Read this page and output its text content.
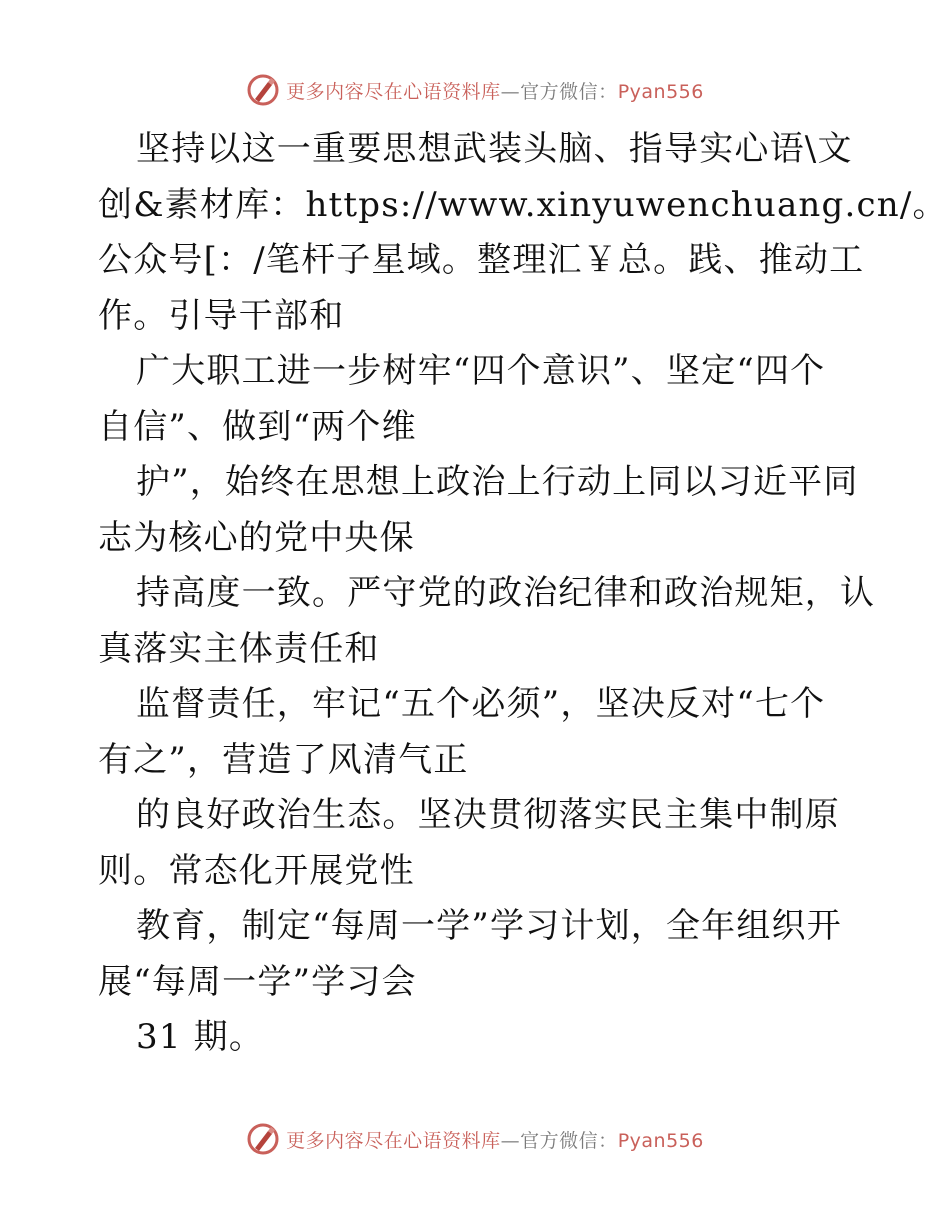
更多内容尽在心语资料库—官方微信：Pyan556
坚持以这一重要思想武装头脑、指导实心语\文
创&素材库：https://www.xinyuwenchuang.cn/。
公众号[：/笔杆子星域。整理汇￥总。践、推动工
作。引导干部和
广大职工进一步树牢“四个意识”、坚定“四个
自信”、做到“两个维
护”，始终在思想上政治上行动上同以习近平同
志为核心的党中央保
持高度一致。严守党的政治纪律和政治规矩，认
真落实主体责任和
监督责任，牢记“五个必须”，坚决反对“七个
有之”，营造了风清气正
的良好政治生态。坚决贯彻落实民主集中制原
则。常态化开展党性
教育，制定“每周一学”学习计划，全年组织开
展“每周一学”学习会
31 期。
更多内容尽在心语资料库—官方微信：Pyan556
